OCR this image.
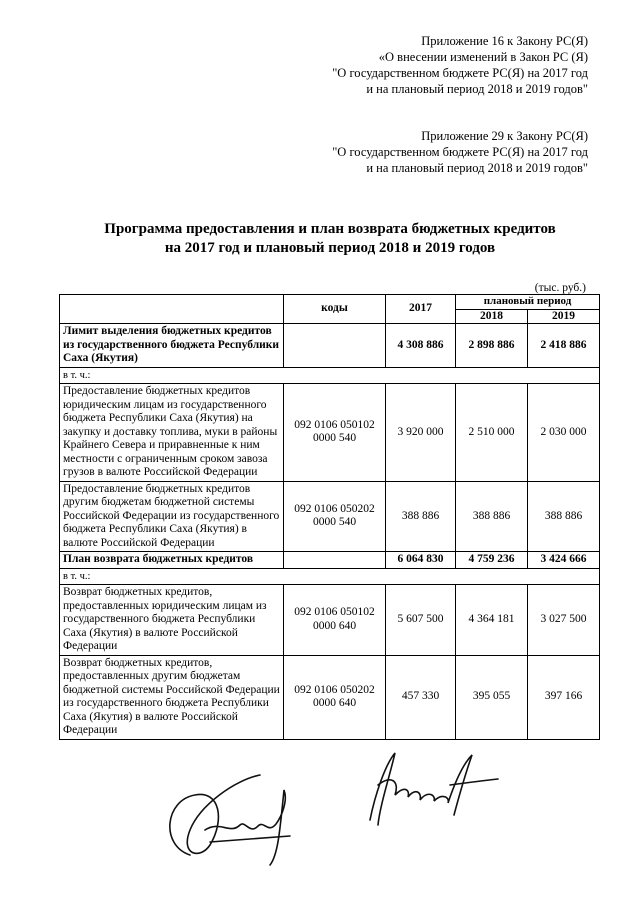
Приложение 16 к Закону РС(Я)
«О внесении изменений в Закон РС (Я)
"О государственном бюджете РС(Я) на 2017 год
и на плановый период 2018 и 2019 годов"
Приложение 29 к Закону РС(Я)
"О государственном бюджете РС(Я) на 2017 год
и на плановый период 2018 и 2019 годов"
Программа предоставления и план возврата бюджетных кредитов
на 2017 год и плановый период 2018 и 2019 годов
(тыс. руб.)
	коды	2017	плановый период	
			2018	2019
Лимит выделения бюджетных кредитов из государственного бюджета Республики Саха (Якутия)		4 308 886	2 898 886	2 418 886
в т. ч.:				
Предоставление бюджетных кредитов юридическим лицам из государственного бюджета Республики Саха (Якутия) на закупку и доставку топлива, муки в районы Крайнего Севера и приравненные к ним местности с ограниченным сроком завоза грузов в валюте Российской Федерации	092 0106 050102 0000 540	3 920 000	2 510 000	2 030 000
Предоставление бюджетных кредитов другим бюджетам бюджетной системы Российской Федерации из государственного бюджета Республики Саха (Якутия) в валюте Российской Федерации	092 0106 050202 0000 540	388 886	388 886	388 886
План возврата бюджетных кредитов		6 064 830	4 759 236	3 424 666
в т. ч.:				
Возврат бюджетных кредитов, предоставленных юридическим лицам из государственного бюджета Республики Саха (Якутия) в валюте Российской Федерации	092 0106 050102 0000 640	5 607 500	4 364 181	3 027 500
Возврат бюджетных кредитов, предоставленных другим бюджетам бюджетной системы Российской Федерации из государственного бюджета Республики Саха (Якутия) в валюте Российской Федерации	092 0106 050202 0000 640	457 330	395 055	397 166
